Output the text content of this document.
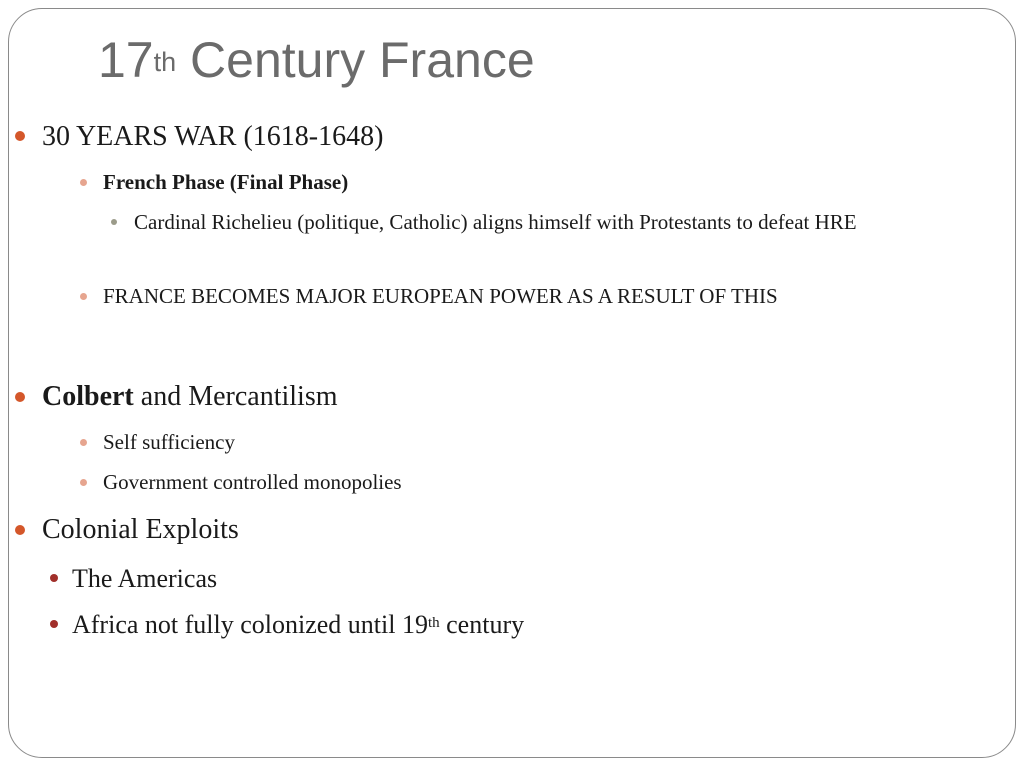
17th Century France

30 YEARS WAR (1618-1648)

French Phase (Final Phase)

Cardinal Richelieu (politique, Catholic) aligns himself with Protestants to defeat HRE

FRANCE BECOMES MAJOR EUROPEAN POWER AS A RESULT OF THIS

Colbert and Mercantilism

Self sufficiency

Government controlled monopolies

Colonial Exploits

The Americas

Africa not fully colonized until 19th century
